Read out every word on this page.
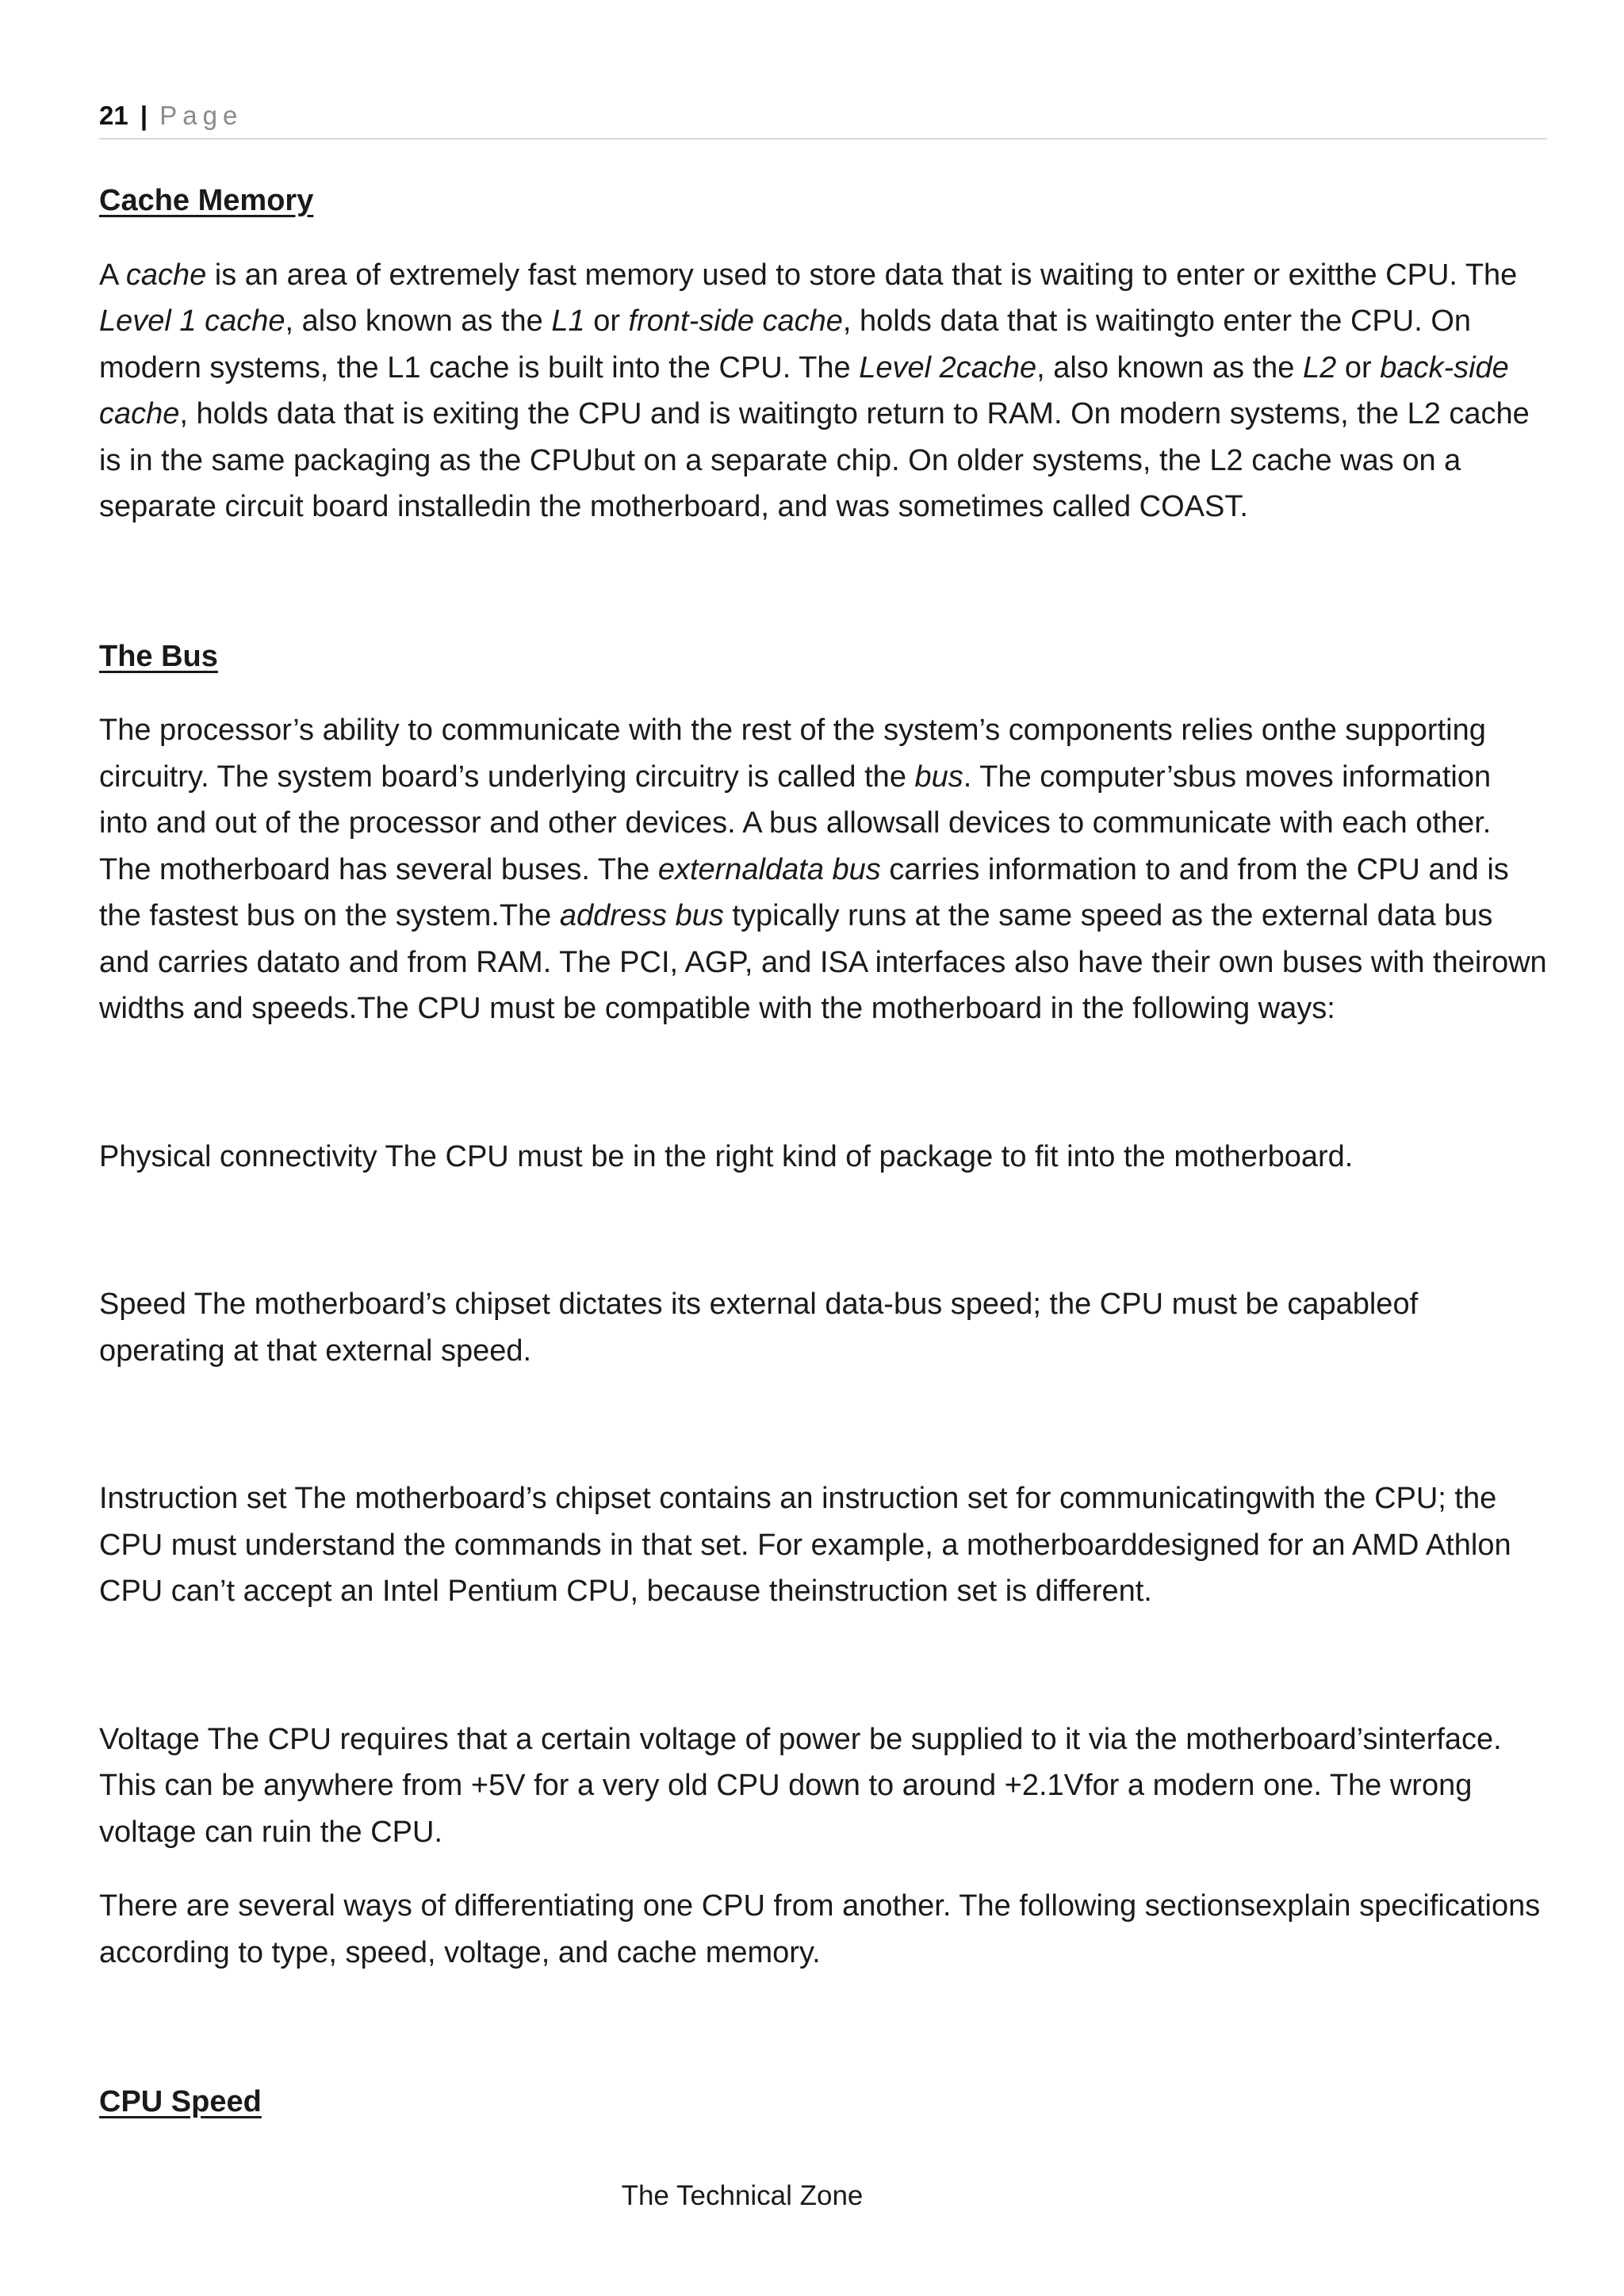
21 | Page

Cache Memory

A cache is an area of extremely fast memory used to store data that is waiting to enter or exitthe CPU. The Level 1 cache, also known as the L1 or front-side cache, holds data that is waitingto enter the CPU. On modern systems, the L1 cache is built into the CPU. The Level 2cache, also known as the L2 or back-side cache, holds data that is exiting the CPU and is waitingto return to RAM. On modern systems, the L2 cache is in the same packaging as the CPUbut on a separate chip. On older systems, the L2 cache was on a separate circuit board installedin the motherboard, and was sometimes called COAST.

The Bus

The processor’s ability to communicate with the rest of the system’s components relies onthe supporting circuitry. The system board’s underlying circuitry is called the bus. The computer’sbus moves information into and out of the processor and other devices. A bus allowsall devices to communicate with each other. The motherboard has several buses. The externaldata bus carries information to and from the CPU and is the fastest bus on the system.The address bus typically runs at the same speed as the external data bus and carries datato and from RAM. The PCI, AGP, and ISA interfaces also have their own buses with theirown widths and speeds.The CPU must be compatible with the motherboard in the following ways:

Physical connectivity The CPU must be in the right kind of package to fit into the motherboard.

Speed The motherboard’s chipset dictates its external data-bus speed; the CPU must be capableof operating at that external speed.

Instruction set The motherboard’s chipset contains an instruction set for communicatingwith the CPU; the CPU must understand the commands in that set. For example, a motherboarddesigned for an AMD Athlon CPU can’t accept an Intel Pentium CPU, because theinstruction set is different.

Voltage The CPU requires that a certain voltage of power be supplied to it via the motherboard’sinterface. This can be anywhere from +5V for a very old CPU down to around +2.1Vfor a modern one. The wrong voltage can ruin the CPU.

There are several ways of differentiating one CPU from another. The following sectionsexplain specifications according to type, speed, voltage, and cache memory.

CPU Speed

The Technical Zone
